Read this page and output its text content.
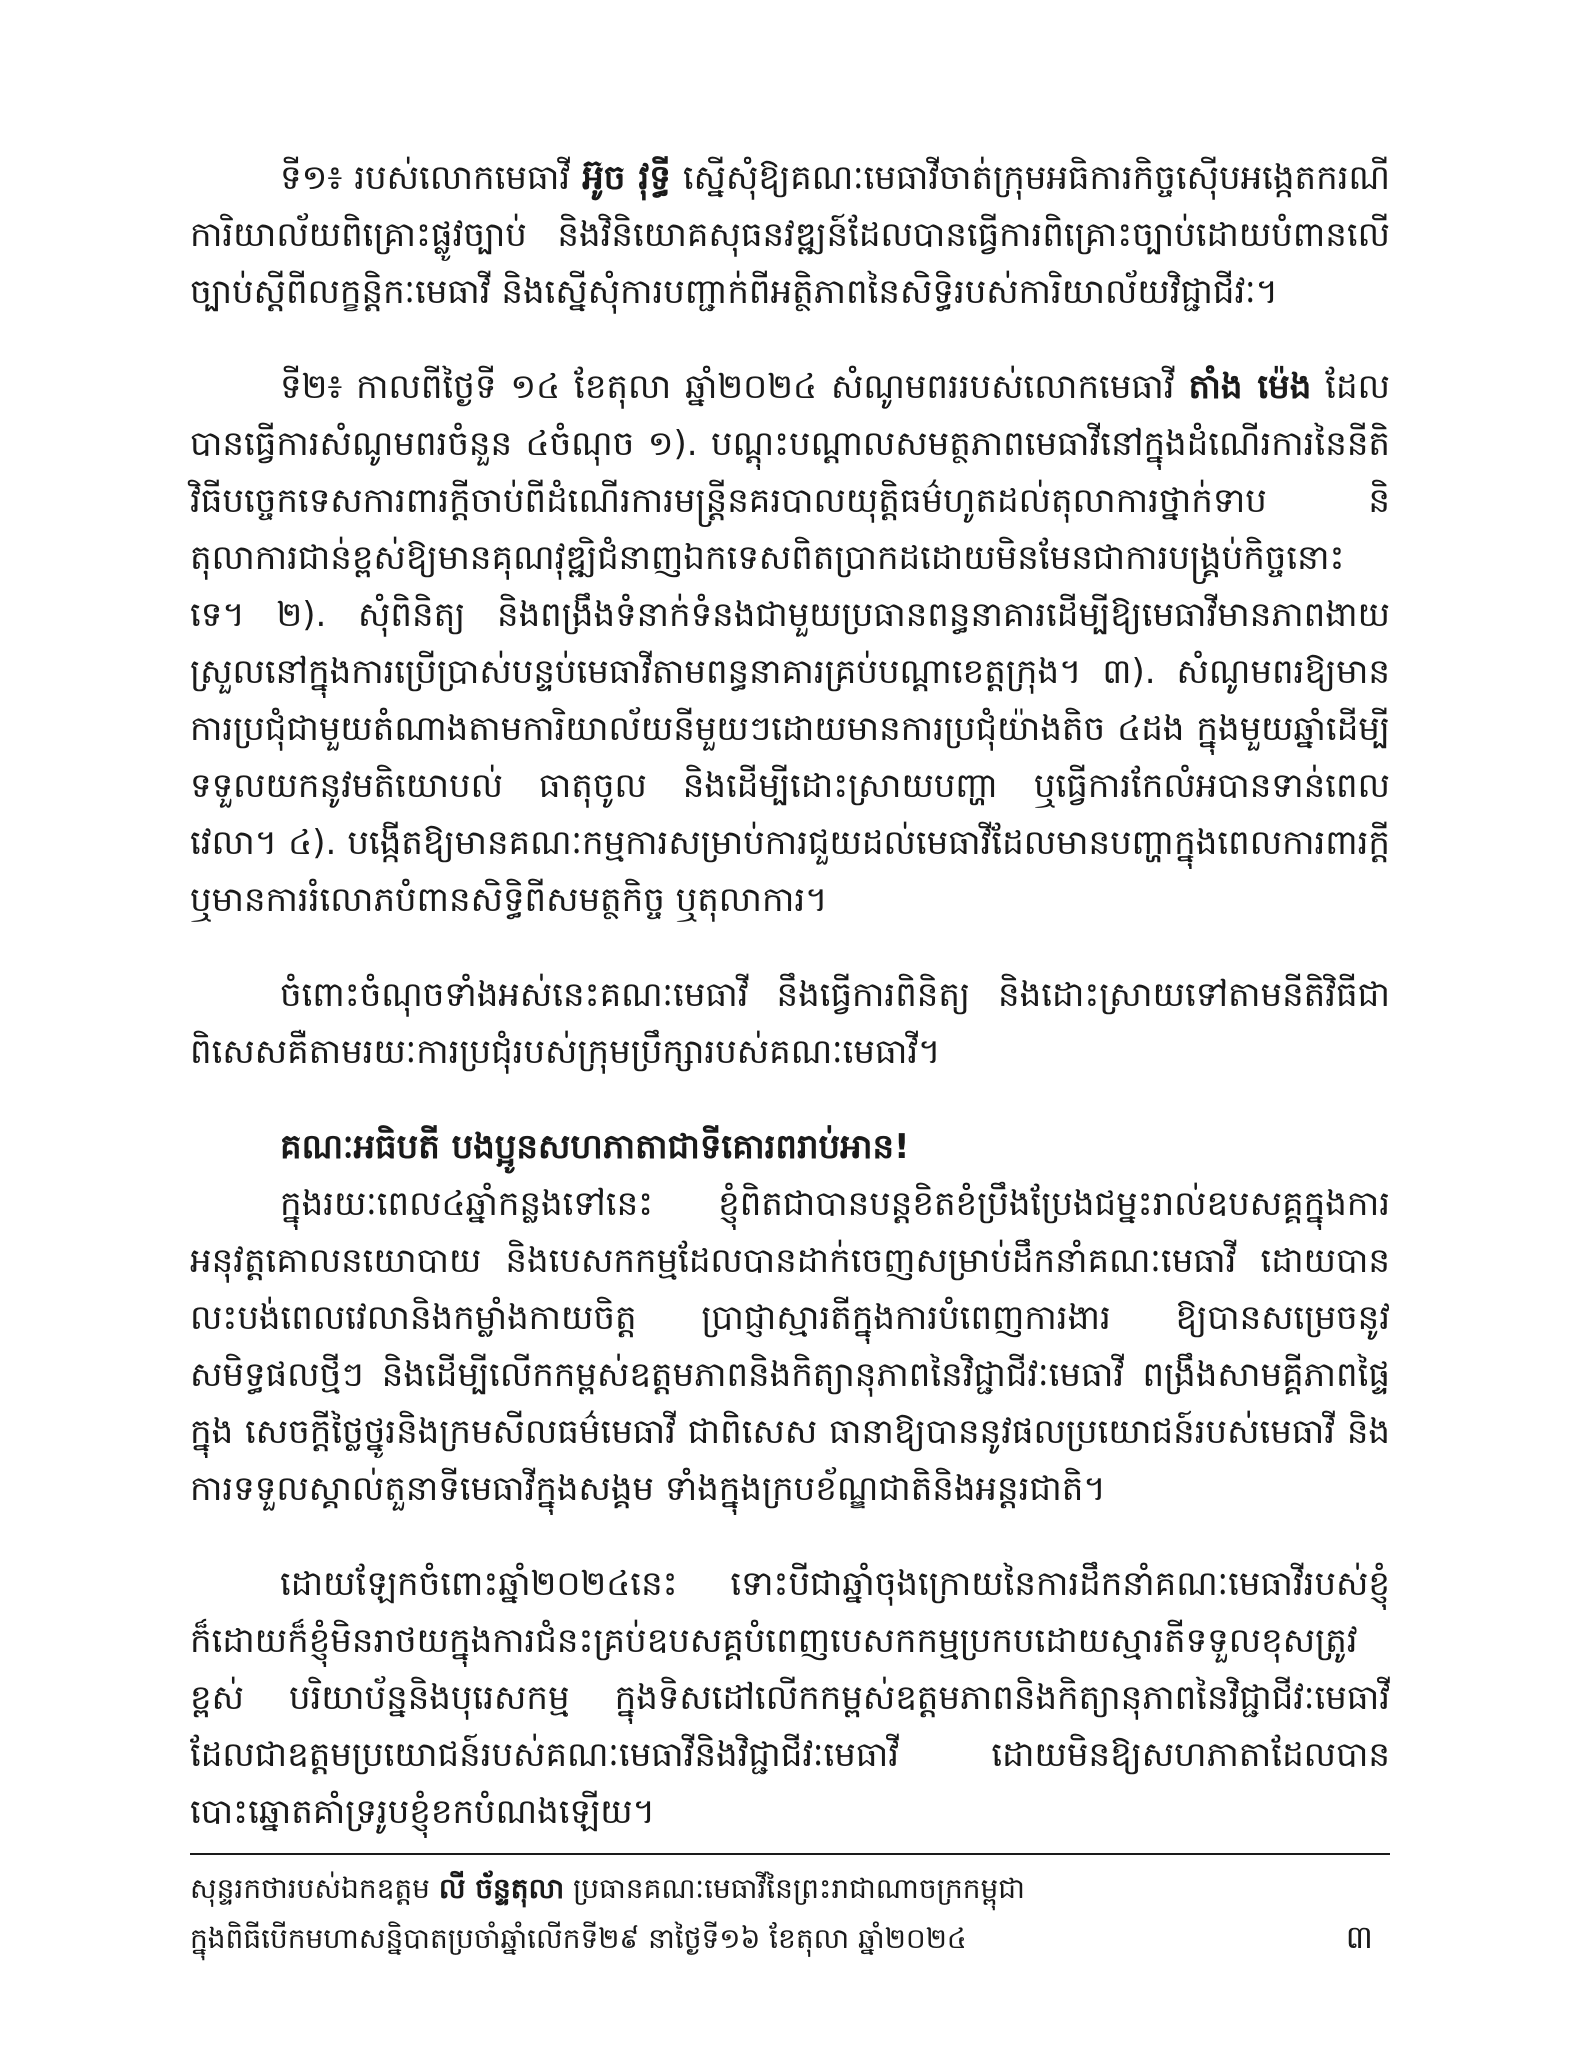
ទី១៖ របស់លោកមេធាវី អ៊ូច វុទ្ធី ស្នើសុំឱ្យគណៈមេធាវីចាត់ក្រុមអធិការកិច្ចស៊ើបអង្កេតករណីការិយាល័យពិគ្រោះផ្លូវច្បាប់ និងវិនិយោគសុធនវឌ្ឍន៍ដែលបានធ្វើការពិគ្រោះច្បាប់ដោយបំពានលើច្បាប់ស្តីពីលក្ខន្តិកៈមេធាវី និងស្នើសុំការបញ្ជាក់ពីអត្ថិភាពនៃសិទ្ធិរបស់ការិយាល័យវិជ្ជាជីវៈ។

ទី២៖ កាលពីថ្ងៃទី ១៤ ខែតុលា ឆ្នាំ២០២៤ សំណូមពររបស់លោកមេធាវី តាំង ម៉េង ដែលបានធ្វើការសំណូមពរចំនួន ៤ចំណុច ១). បណ្តុះបណ្តាលសមត្ថភាពមេធាវីនៅក្នុងដំណើរការនៃនីតិវិធីបច្ចេកទេសការពារក្តីចាប់ពីដំណើរការមន្ត្រីនគរបាលយុត្តិធម៌ហូតដល់តុលាការថ្នាក់ទាប និតុលាការជាន់ខ្ពស់ឱ្យមានគុណវុឌ្ឍិជំនាញឯកទេសពិតប្រាកដដោយមិនមែនជាការបង្គ្រប់កិច្ចនោះទេ។ ២). សុំពិនិត្យ និងពង្រឹងទំនាក់ទំនងជាមួយប្រធានពន្ធនាគារដើម្បីឱ្យមេធាវីមានភាពងាយស្រួលនៅក្នុងការប្រើប្រាស់បន្ទប់មេធាវីតាមពន្ធនាគារគ្រប់បណ្តាខេត្តក្រុង។ ៣). សំណូមពរឱ្យមានការប្រជុំជាមួយតំណាងតាមការិយាល័យនីមួយៗដោយមានការប្រជុំយ៉ាងតិច ៤ដង ក្នុងមួយឆ្នាំដើម្បីទទួលយកនូវមតិយោបល់ ធាតុចូល និងដើម្បីដោះស្រាយបញ្ហា ឬធ្វើការកែលំអបានទាន់ពេលវេលា។ ៤). បង្កើតឱ្យមានគណៈកម្មការសម្រាប់ការជួយដល់មេធាវីដែលមានបញ្ហាក្នុងពេលការពារក្តី ឬមានការរំលោភបំពានសិទ្ធិពីសមត្ថកិច្ច ឬតុលាការ។

ចំពោះចំណុចទាំងអស់នេះគណៈមេធាវី នឹងធ្វើការពិនិត្យ និងដោះស្រាយទៅតាមនីតិវិធីជាពិសេសគឺតាមរយៈការប្រជុំរបស់ក្រុមប្រឹក្សារបស់គណៈមេធាវី។

គណៈអធិបតី បងប្អូនសហភាតាជាទីគោរពរាប់អាន!

ក្នុងរយៈពេល៤ឆ្នាំកន្លងទៅនេះ ខ្ញុំពិតជាបានបន្តខិតខំប្រឹងប្រែងជម្នះរាល់ឧបសគ្គក្នុងការអនុវត្តគោលនយោបាយ និងបេសកកម្មដែលបានដាក់ចេញសម្រាប់ដឹកនាំគណៈមេធាវី ដោយបានលះបង់ពេលវេលានិងកម្លាំងកាយចិត្ត ប្រាជ្ញាស្មារតីក្នុងការបំពេញការងារ ឱ្យបានសម្រេចនូវសមិទ្ធផលថ្មីៗ និងដើម្បីលើកកម្ពស់ឧត្តមភាពនិងកិត្យានុភាពនៃវិជ្ជាជីវៈមេធាវី ពង្រឹងសាមគ្គីភាពផ្ទៃក្នុង សេចក្តីថ្លៃថ្នូរនិងក្រមសីលធម៌មេធាវី ជាពិសេស ធានាឱ្យបាននូវផលប្រយោជន៍របស់មេធាវី និងការទទួលស្គាល់តួនាទីមេធាវីក្នុងសង្គម ទាំងក្នុងក្របខ័ណ្ឌជាតិនិងអន្តរជាតិ។

ដោយឡែកចំពោះឆ្នាំ២០២៤នេះ ទោះបីជាឆ្នាំចុងក្រោយនៃការដឹកនាំគណៈមេធាវីរបស់ខ្ញុំក៏ដោយក៏ខ្ញុំមិនរាថយក្នុងការជំនះគ្រប់ឧបសគ្គបំពេញបេសកកម្មប្រកបដោយស្មារតីទទួលខុសត្រូវខ្ពស់ បរិយាប័ន្ននិងបុរេសកម្ម ក្នុងទិសដៅលើកកម្ពស់ឧត្តមភាពនិងកិត្យានុភាពនៃវិជ្ជាជីវៈមេធាវី ដែលជាឧត្តមប្រយោជន៍របស់គណៈមេធាវីនិងវិជ្ជាជីវៈមេធាវី ដោយមិនឱ្យសហភាតាដែលបានបោះឆ្នោតគាំទ្ររូបខ្ញុំខកបំណងឡើយ។

សុន្ទរកថារបស់ឯកឧត្តម លី ច័ន្ទតុលា ប្រធានគណៈមេធាវីនៃព្រះរាជាណាចក្រកម្ពុជា
ក្នុងពិធីបើកមហាសន្និបាតប្រចាំឆ្នាំលើកទី២៩ នាថ្ងៃទី១៦ ខែតុលា ឆ្នាំ២០២៤	៣
